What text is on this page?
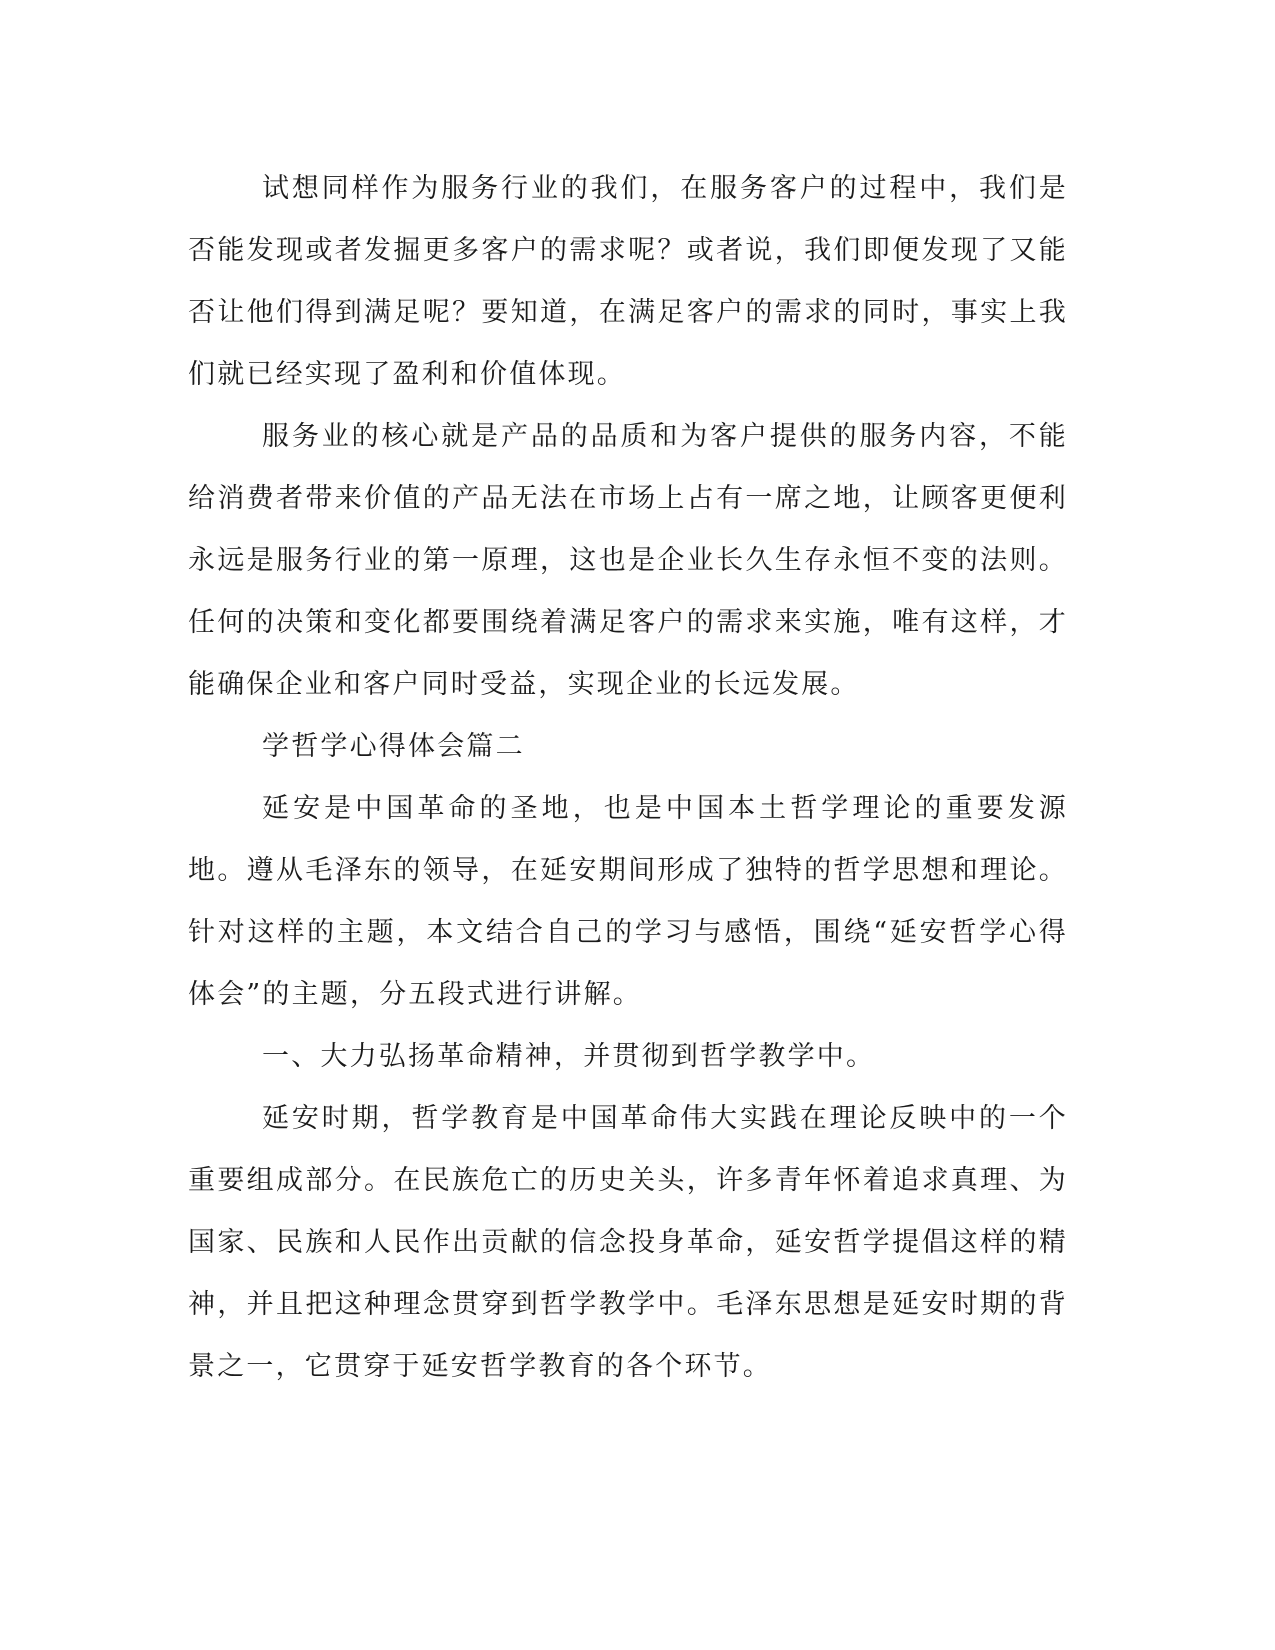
试想同样作为服务行业的我们，在服务客户的过程中，我们是否能发现或者发掘更多客户的需求呢？或者说，我们即便发现了又能否让他们得到满足呢？要知道，在满足客户的需求的同时，事实上我们就已经实现了盈利和价值体现。

服务业的核心就是产品的品质和为客户提供的服务内容，不能给消费者带来价值的产品无法在市场上占有一席之地，让顾客更便利永远是服务行业的第一原理，这也是企业长久生存永恒不变的法则。任何的决策和变化都要围绕着满足客户的需求来实施，唯有这样，才能确保企业和客户同时受益，实现企业的长远发展。

学哲学心得体会篇二

延安是中国革命的圣地，也是中国本土哲学理论的重要发源地。遵从毛泽东的领导，在延安期间形成了独特的哲学思想和理论。针对这样的主题，本文结合自己的学习与感悟，围绕“延安哲学心得体会”的主题，分五段式进行讲解。

一、大力弘扬革命精神，并贯彻到哲学教学中。

延安时期，哲学教育是中国革命伟大实践在理论反映中的一个重要组成部分。在民族危亡的历史关头，许多青年怀着追求真理、为国家、民族和人民作出贡献的信念投身革命，延安哲学提倡这样的精神，并且把这种理念贯穿到哲学教学中。毛泽东思想是延安时期的背景之一，它贯穿于延安哲学教育的各个环节。
